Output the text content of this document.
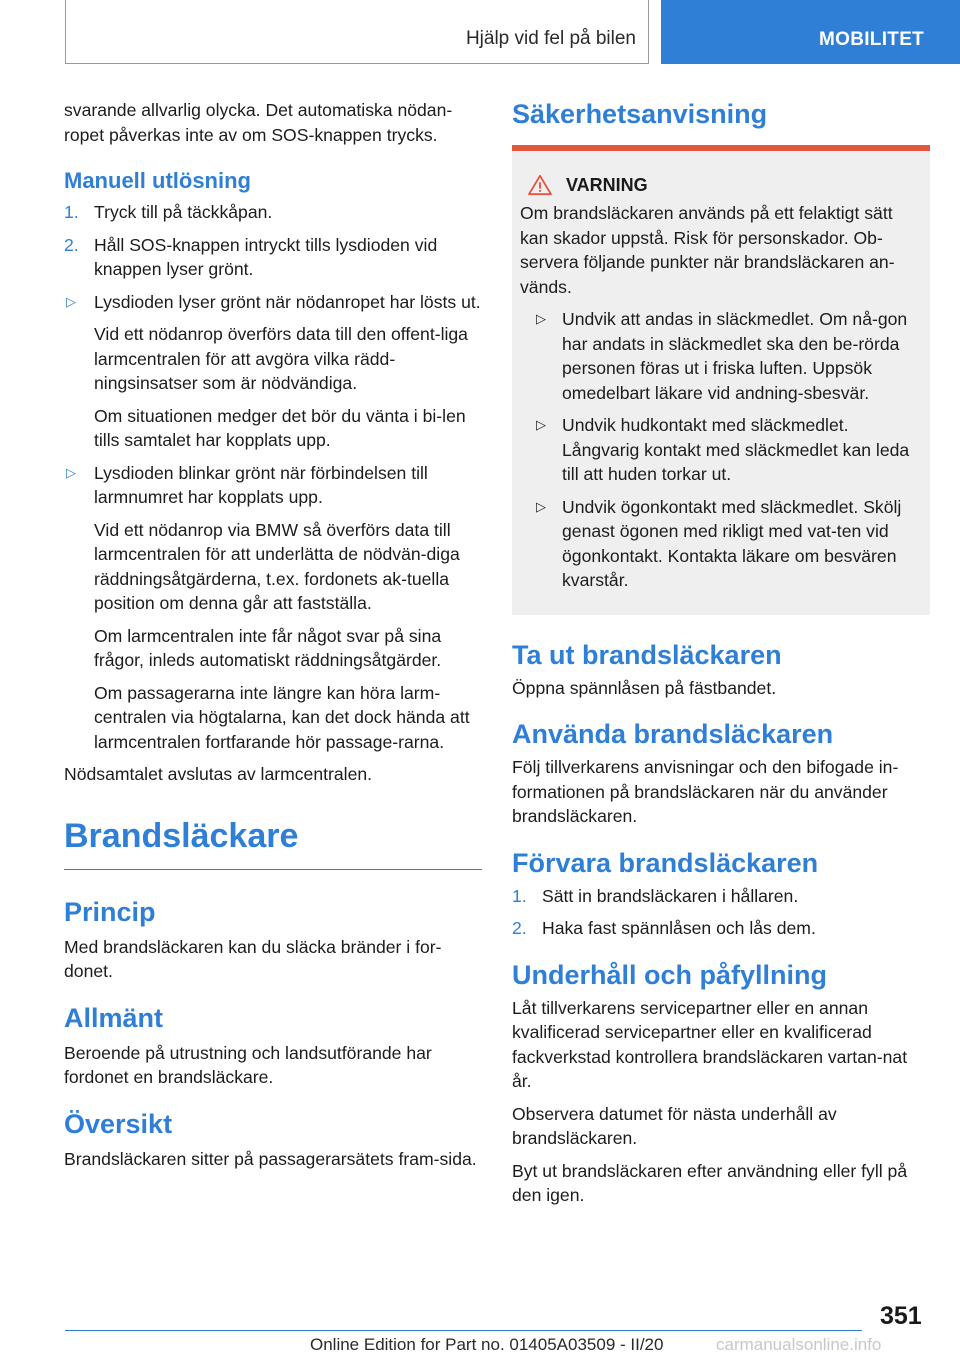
Hjälp vid fel på bilen	MOBILITET
svarande allvarlig olycka. Det automatiska nödan-ropet påverkas inte av om SOS-knappen trycks.
Manuell utlösning
1. Tryck till på täckkåpan.
2. Håll SOS-knappen intryckt tills lysdioden vid knappen lyser grönt.
▷ Lysdioden lyser grönt när nödanropet har lösts ut.
Vid ett nödanrop överförs data till den offent-liga larmcentralen för att avgöra vilka rädd-ningsinsatser som är nödvändiga.
Om situationen medger det bör du vänta i bi-len tills samtalet har kopplats upp.
▷ Lysdioden blinkar grönt när förbindelsen till larmnumret har kopplats upp.
Vid ett nödanrop via BMW så överförs data till larmcentralen för att underlätta de nödvän-diga räddningsåtgärderna, t.ex. fordonets ak-tuella position om denna går att fastställa.
Om larmcentralen inte får något svar på sina frågor, inleds automatiskt räddningsåtgärder.
Om passagerarna inte längre kan höra larm-centralen via högtalarna, kan det dock hända att larmcentralen fortfarande hör passage-rarna.
Nödsamtalet avslutas av larmcentralen.
Brandsläckare
Princip
Med brandsläckaren kan du släcka bränder i for-donet.
Allmänt
Beroende på utrustning och landsutförande har fordonet en brandsläckare.
Översikt
Brandsläckaren sitter på passagerarsätets fram-sida.
Säkerhetsanvisning
VARNING
Om brandsläckaren används på ett felaktigt sätt kan skador uppstå. Risk för personskador. Ob-servera följande punkter när brandsläckaren an-vänds.
▷ Undvik att andas in släckmedlet. Om nå-gon har andats in släckmedlet ska den be-rörda personen föras ut i friska luften. Uppsök omedelbart läkare vid andning-sbesvär.
▷ Undvik hudkontakt med släckmedlet. Långvarig kontakt med släckmedlet kan leda till att huden torkar ut.
▷ Undvik ögonkontakt med släckmedlet. Skölj genast ögonen med rikligt med vat-ten vid ögonkontakt. Kontakta läkare om besvären kvarstår.
Ta ut brandsläckaren
Öppna spännlåsen på fästbandet.
Använda brandsläckaren
Följ tillverkarens anvisningar och den bifogade in-formationen på brandsläckaren när du använder brandsläckaren.
Förvara brandsläckaren
1. Sätt in brandsläckaren i hållaren.
2. Haka fast spännlåsen och lås dem.
Underhåll och påfyllning
Låt tillverkarens servicepartner eller en annan kvalificerad servicepartner eller en kvalificerad fackverkstad kontrollera brandsläckaren vartan-nat år.
Observera datumet för nästa underhåll av brandsläckaren.
Byt ut brandsläckaren efter användning eller fyll på den igen.
351
Online Edition for Part no. 01405A03509 - II/20	carmanualsonline.info
